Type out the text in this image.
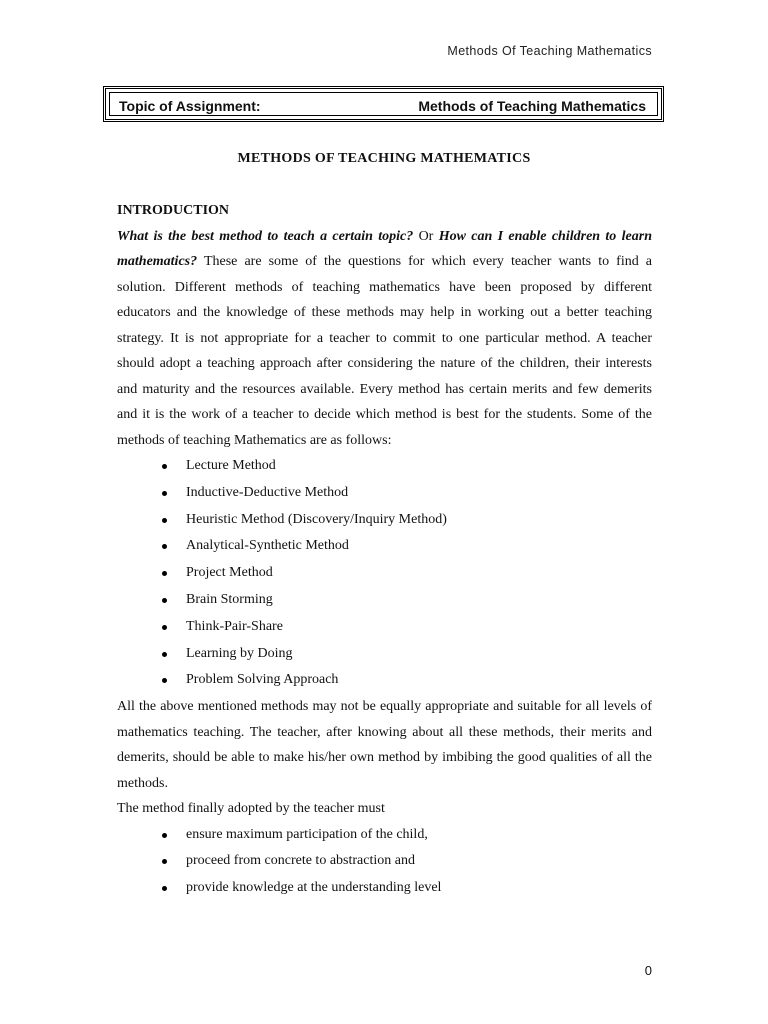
Methods Of Teaching Mathematics
Topic of Assignment:	Methods of Teaching Mathematics
METHODS OF TEACHING MATHEMATICS
INTRODUCTION

What is the best method to teach a certain topic? Or How can I enable children to learn mathematics? These are some of the questions for which every teacher wants to find a solution. Different methods of teaching mathematics have been proposed by different educators and the knowledge of these methods may help in working out a better teaching strategy. It is not appropriate for a teacher to commit to one particular method. A teacher should adopt a teaching approach after considering the nature of the children, their interests and maturity and the resources available. Every method has certain merits and few demerits and it is the work of a teacher to decide which method is best for the students. Some of the methods of teaching Mathematics are as follows:

Lecture Method
Inductive-Deductive Method
Heuristic Method (Discovery/Inquiry Method)
Analytical-Synthetic Method
Project Method
Brain Storming
Think-Pair-Share
Learning by Doing
Problem Solving Approach

All the above mentioned methods may not be equally appropriate and suitable for all levels of mathematics teaching. The teacher, after knowing about all these methods, their merits and demerits, should be able to make his/her own method by imbibing the good qualities of all the methods.

The method finally adopted by the teacher must

ensure maximum participation of the child,
proceed from concrete to abstraction and
provide knowledge at the understanding level
0
